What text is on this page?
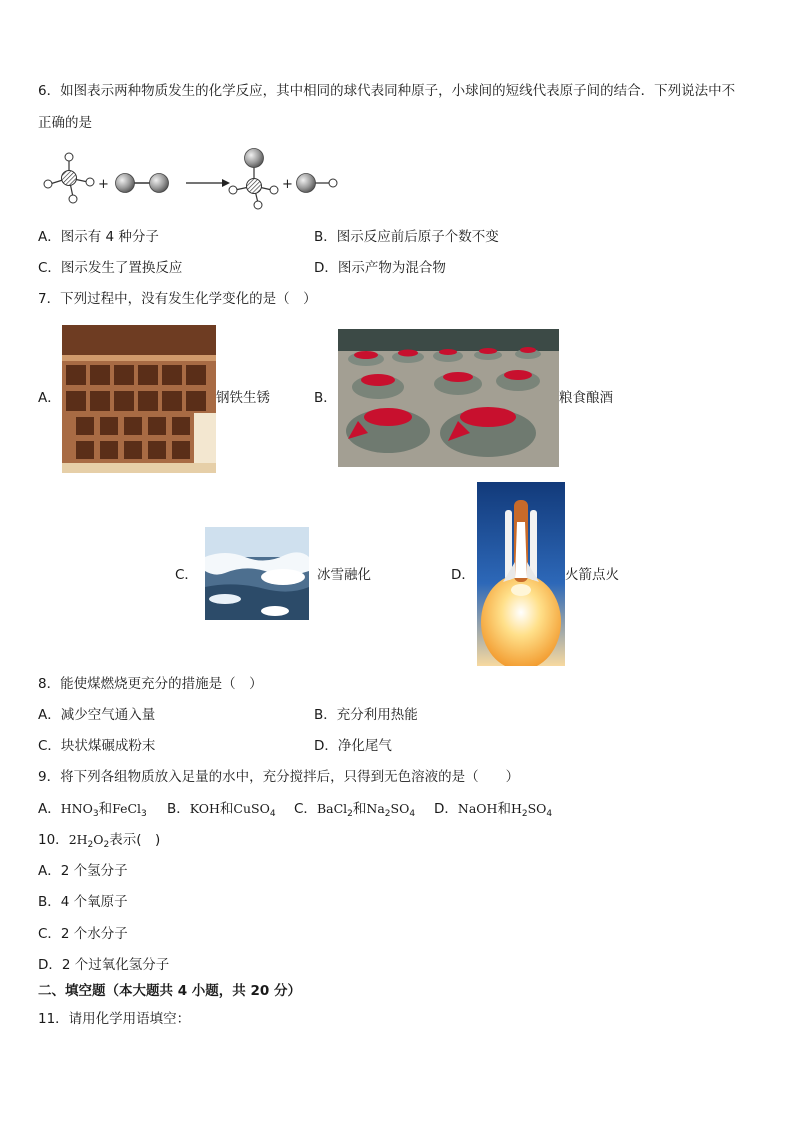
6．如图表示两种物质发生的化学反应，其中相同的球代表同种原子，小球间的短线代表原子间的结合．下列说法中不
正确的是
+	+
A．图示有 4 种分子	B．图示反应前后原子个数不变
C．图示发生了置换反应	D．图示产物为混合物
7．下列过程中，没有发生化学变化的是（　）
A．	钢铁生锈	B．	粮食酿酒
C．	冰雪融化	D．	火箭点火
8．能使煤燃烧更充分的措施是（　）
A．减少空气通入量	B．充分利用热能
C．块状煤碾成粉末	D．净化尾气
9．将下列各组物质放入足量的水中，充分搅拌后，只得到无色溶液的是（　　）
A．$HNO_3$和FeCl$_3$ B．KOH和CuSO$_4$ C．BaCl$_2$和$Na_2SO_4$ D．NaOH和$H_2SO_4$
10．$2H_2O_2$表示(　)
A．2 个氢分子
B．4 个氧原子
C．2 个水分子
D．2 个过氧化氢分子
二、填空题（本大题共 4 小题，共 20 分）
11．请用化学用语填空：
